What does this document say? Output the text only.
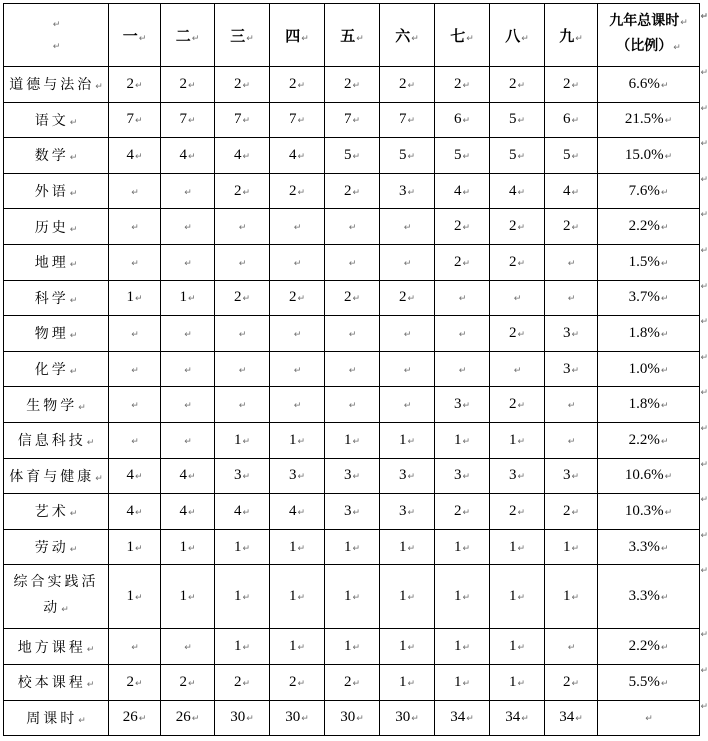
↵
↵
	一 ↵	二 ↵	三 ↵	四 ↵	五 ↵	六 ↵	七 ↵	八 ↵	九 ↵	九年总课时 ↵
（比例） ↵
↵

道德与法治 ↵	2 ↵	2 ↵	2 ↵	2 ↵	2 ↵	2 ↵	2 ↵	2 ↵	2 ↵	6.6% ↵
↵

语文 ↵	7 ↵	7 ↵	7 ↵	7 ↵	7 ↵	7 ↵	6 ↵	5 ↵	6 ↵	21.5% ↵
↵

数学 ↵	4 ↵	4 ↵	4 ↵	4 ↵	5 ↵	5 ↵	5 ↵	5 ↵	5 ↵	15.0% ↵
↵

外语 ↵	↵	↵	2 ↵	2 ↵	2 ↵	3 ↵	4 ↵	4 ↵	4 ↵	7.6% ↵
↵

历史 ↵	↵	↵	↵	↵	↵	↵	2 ↵	2 ↵	2 ↵	2.2% ↵
↵

地理 ↵	↵	↵	↵	↵	↵	↵	2 ↵	2 ↵	↵	1.5% ↵
↵

科学 ↵	1 ↵	1 ↵	2 ↵	2 ↵	2 ↵	2 ↵	↵	↵	↵	3.7% ↵
↵

物理 ↵	↵	↵	↵	↵	↵	↵	↵	2 ↵	3 ↵	1.8% ↵
↵

化学 ↵	↵	↵	↵	↵	↵	↵	↵	↵	3 ↵	1.0% ↵
↵

生物学 ↵	↵	↵	↵	↵	↵	↵	3 ↵	2 ↵	↵	1.8% ↵
↵

信息科技 ↵	↵	↵	1 ↵	1 ↵	1 ↵	1 ↵	1 ↵	1 ↵	↵	2.2% ↵
↵

体育与健康 ↵	4 ↵	4 ↵	3 ↵	3 ↵	3 ↵	3 ↵	3 ↵	3 ↵	3 ↵	10.6% ↵
↵

艺术 ↵	4 ↵	4 ↵	4 ↵	4 ↵	3 ↵	3 ↵	2 ↵	2 ↵	2 ↵	10.3% ↵
↵

劳动 ↵	1 ↵	1 ↵	1 ↵	1 ↵	1 ↵	1 ↵	1 ↵	1 ↵	1 ↵	3.3% ↵
↵

综合实践活动 ↵	1 ↵	1 ↵	1 ↵	1 ↵	1 ↵	1 ↵	1 ↵	1 ↵	1 ↵	3.3% ↵
↵

地方课程 ↵	↵	↵	1 ↵	1 ↵	1 ↵	1 ↵	1 ↵	1 ↵	↵	2.2% ↵
↵

校本课程 ↵	2 ↵	2 ↵	2 ↵	2 ↵	2 ↵	1 ↵	1 ↵	1 ↵	2 ↵	5.5% ↵
↵

周课时 ↵	26 ↵	26 ↵	30 ↵	30 ↵	30 ↵	30 ↵	34 ↵	34 ↵	34 ↵	↵
↵
